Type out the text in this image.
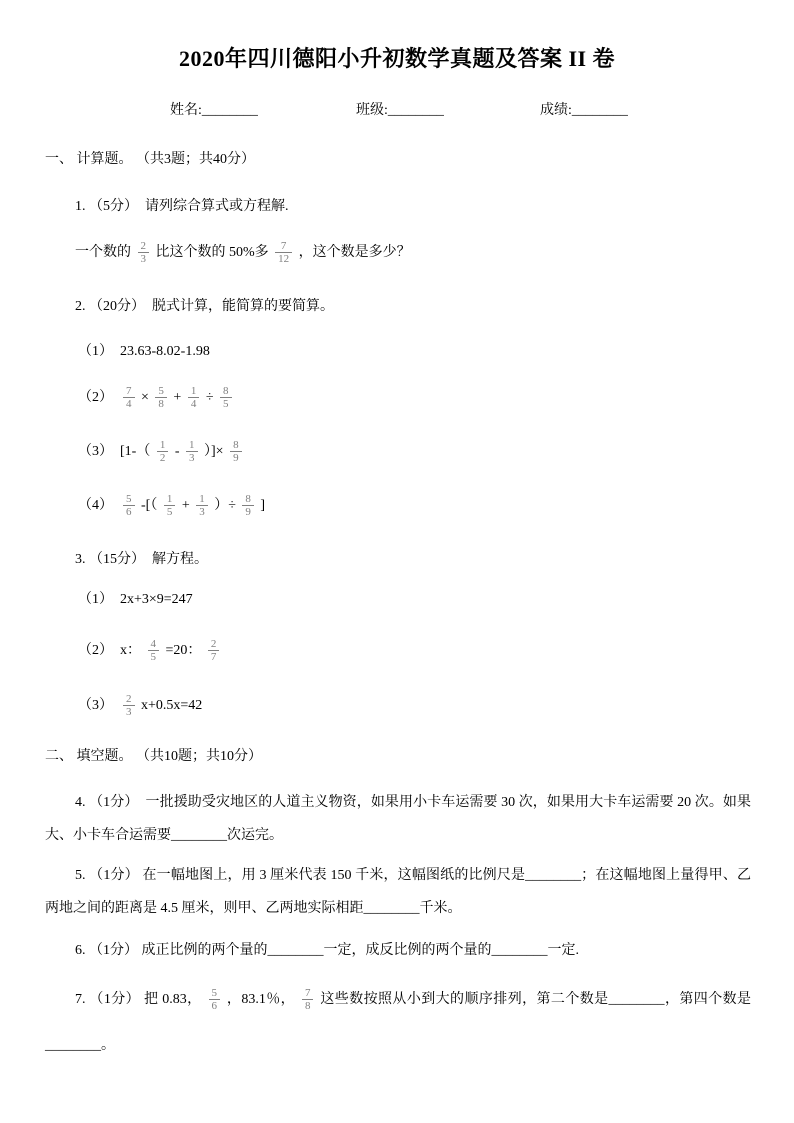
2020年四川德阳小升初数学真题及答案 II 卷
姓名:________	班级:________	成绩:________
一、 计算题。 （共3题；共40分）
1. （5分）  请列综合算式或方程解.
一个数的 $\frac{2}{3}$ 比这个数的 50%多 $\frac{7}{12}$ ，这个数是多少？
2. （20分）  脱式计算，能简算的要简算。
（1）  23.63-8.02-1.98
$(2) \frac{7}{4} \times \frac{5}{8} + \frac{1}{4} \div \frac{8}{5}$
（3）  [$1-( \frac{1}{2} - \frac{1}{3}$ ）]× $\frac{8}{9}$
$(4) \frac{5}{6}$ -[（ $\frac{1}{5} + \frac{1}{3}$ ）÷ $\frac{8}{9}$ ]
3. （15分）  解方程。
（1）  2x+3×9=247
（2）  x： $\frac{4}{5} =20$： $\frac{2}{7}$
$(3) \frac{2}{3} x+0.5x=42$
二、 填空题。 （共10题；共10分）
4. （1分）  一批援助受灾地区的人道主义物资，如果用小卡车运需要 30 次，如果用大卡车运需要 20 次。如果大、小卡车合运需要________次运完。
5. （1分） 在一幅地图上，用 3 厘米代表 150 千米，这幅图纸的比例尺是________；在这幅地图上量得甲、乙两地之间的距离是 4.5 厘米，则甲、乙两地实际相距________千米。
6. （1分） 成正比例的两个量的________一定，成反比例的两个量的________一定.
7. （1分） 把 0.83， $\frac{5}{6}$ ，83.1％， $\frac{7}{8}$ 这些数按照从小到大的顺序排列，第二个数是________，第四个数是________。
